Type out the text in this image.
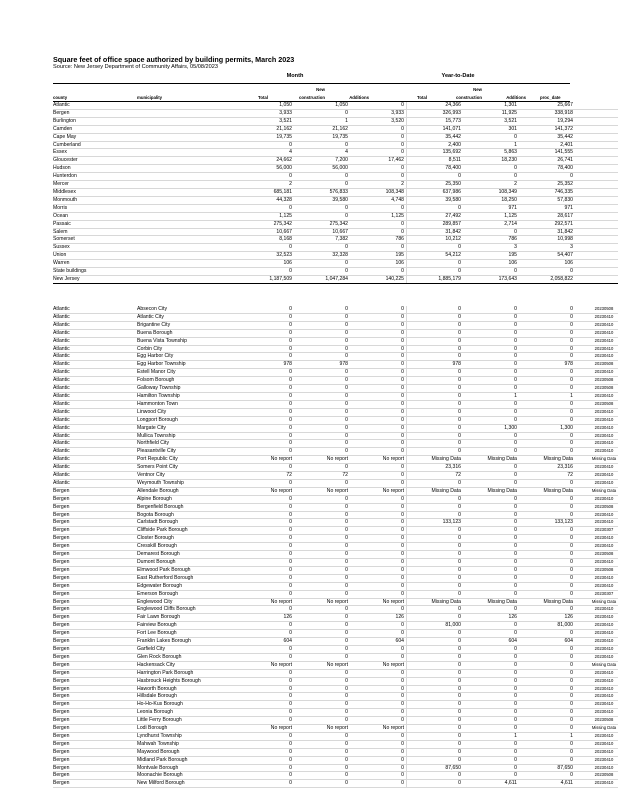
Square feet of office space authorized by building permits, March 2023
Source: New Jersey Department of Community Affairs, 05/08/2023
Month	Year-to-Date
New	New
county	municipality	Total	construction	Additions	Total	construction	Additions	proc_date
Atlantic		1,050	1,050	0	24,366	1,301	25,667	
Bergen		3,933	0	3,933	326,993	11,925	338,918	
Burlington		3,521	1	3,520	15,773	3,521	19,294	
Camden		21,162	21,162	0	141,071	301	141,372	
Cape May		19,735	19,735	0	35,442	0	35,442	
Cumberland		0	0	0	2,400	1	2,401	
Essex		4	4	0	135,692	5,863	141,555	
Gloucester		24,662	7,200	17,462	8,511	18,230	26,741	
Hudson		56,000	56,000	0	78,400	0	78,400	
Hunterdon		0	0	0	0	0	0	
Mercer		2	0	2	25,350	2	25,352	
Middlesex		685,181	576,833	108,348	637,986	108,349	746,335	
Monmouth		44,328	39,580	4,748	39,580	18,250	57,830	
Morris		0	0	0	0	971	971	
Ocean		1,125	0	1,125	27,492	1,125	28,617	
Passaic		275,342	275,342	0	289,857	2,714	292,571	
Salem		10,667	10,667	0	31,842	0	31,842	
Somerset		8,168	7,382	786	10,212	786	10,998	
Sussex		0	0	0	0	3	3	
Union		32,523	32,328	195	54,212	195	54,407	
Warren		106	0	106	0	106	106	
State buildings		0	0	0	0	0	0	
New Jersey		1,187,509	1,047,284	140,225	1,885,179	173,643	2,058,822	
Atlantic	Absecon City	0	0	0	0	0	0	20230508
Atlantic	Atlantic City	0	0	0	0	0	0	20230410
Atlantic	Brigantine City	0	0	0	0	0	0	20230410
Atlantic	Buena Borough	0	0	0	0	0	0	20230410
Atlantic	Buena Vista Township	0	0	0	0	0	0	20230410
Atlantic	Corbin City	0	0	0	0	0	0	20230410
Atlantic	Egg Harbor City	0	0	0	0	0	0	20230410
Atlantic	Egg Harbor Township	978	978	0	978	0	978	20230508
Atlantic	Estell Manor City	0	0	0	0	0	0	20230410
Atlantic	Folsom Borough	0	0	0	0	0	0	20230508
Atlantic	Galloway Township	0	0	0	0	0	0	20230508
Atlantic	Hamilton Township	0	0	0	0	1	1	20230410
Atlantic	Hammonton Town	0	0	0	0	0	0	20230508
Atlantic	Linwood City	0	0	0	0	0	0	20230410
Atlantic	Longport Borough	0	0	0	0	0	0	20230410
Atlantic	Margate City	0	0	0	0	1,300	1,300	20230410
Atlantic	Mullica Township	0	0	0	0	0	0	20230410
Atlantic	Northfield City	0	0	0	0	0	0	20230410
Atlantic	Pleasantville City	0	0	0	0	0	0	20230410
Atlantic	Port Republic City	No report	No report	No report	Missing Data	Missing Data	Missing Data	Missing Data
Atlantic	Somers Point City	0	0	0	23,316	0	23,316	20230410
Atlantic	Ventnor City	72	72	0	72	0	72	20230410
Atlantic	Weymouth Township	0	0	0	0	0	0	20230410
Bergen	Allendale Borough	No report	No report	No report	Missing Data	Missing Data	Missing Data	Missing Data
Bergen	Alpine Borough	0	0	0	0	0	0	20230410
Bergen	Bergenfield Borough	0	0	0	0	0	0	20230508
Bergen	Bogota Borough	0	0	0	0	0	0	20230410
Bergen	Carlstadt Borough	0	0	0	133,123	0	133,123	20230410
Bergen	Cliffside Park Borough	0	0	0	0	0	0	20230307
Bergen	Closter Borough	0	0	0	0	0	0	20230410
Bergen	Cresskill Borough	0	0	0	0	0	0	20230410
Bergen	Demarest Borough	0	0	0	0	0	0	20230508
Bergen	Dumont Borough	0	0	0	0	0	0	20230410
Bergen	Elmwood Park Borough	0	0	0	0	0	0	20230508
Bergen	East Rutherford Borough	0	0	0	0	0	0	20230410
Bergen	Edgewater Borough	0	0	0	0	0	0	20230410
Bergen	Emerson Borough	0	0	0	0	0	0	20230307
Bergen	Englewood City	No report	No report	No report	Missing Data	Missing Data	Missing Data	Missing Data
Bergen	Englewood Cliffs Borough	0	0	0	0	0	0	20230410
Bergen	Fair Lawn Borough	126	0	126	0	126	126	20230410
Bergen	Fairview Borough	0	0	0	81,000	0	81,000	20230410
Bergen	Fort Lee Borough	0	0	0	0	0	0	20230410
Bergen	Franklin Lakes Borough	604	0	604	0	604	604	20230410
Bergen	Garfield City	0	0	0	0	0	0	20230410
Bergen	Glen Rock Borough	0	0	0	0	0	0	20230410
Bergen	Hackensack City	No report	No report	No report	0	0	0	Missing Data
Bergen	Harrington Park Borough	0	0	0	0	0	0	20230410
Bergen	Hasbrouck Heights Borough	0	0	0	0	0	0	20230410
Bergen	Haworth Borough	0	0	0	0	0	0	20230410
Bergen	Hillsdale Borough	0	0	0	0	0	0	20230410
Bergen	Ho-Ho-Kus Borough	0	0	0	0	0	0	20230410
Bergen	Leonia Borough	0	0	0	0	0	0	20230410
Bergen	Little Ferry Borough	0	0	0	0	0	0	20230508
Bergen	Lodi Borough	No report	No report	No report	0	0	0	Missing Data
Bergen	Lyndhurst Township	0	0	0	0	1	1	20230410
Bergen	Mahwah Township	0	0	0	0	0	0	20230410
Bergen	Maywood Borough	0	0	0	0	0	0	20230410
Bergen	Midland Park Borough	0	0	0	0	0	0	20230410
Bergen	Montvale Borough	0	0	0	87,650	0	87,650	20230410
Bergen	Moonachie Borough	0	0	0	0	0	0	20230508
Bergen	New Milford Borough	0	0	0	0	4,611	4,611	20230410
